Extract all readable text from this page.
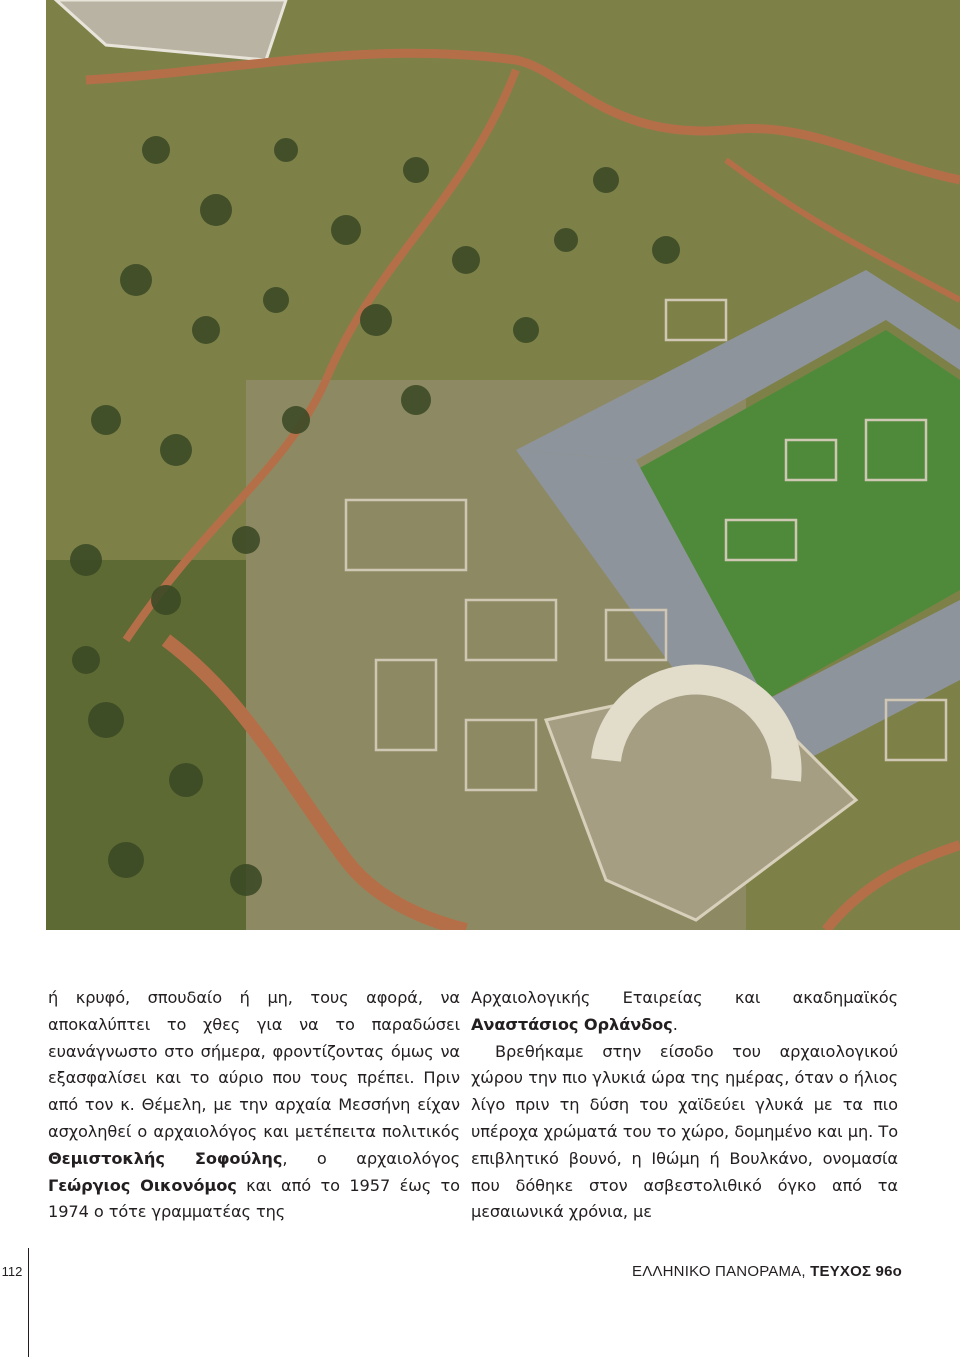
ή κρυφό, σπουδαίο ή μη, τους αφορά, να αποκαλύπτει το χθες για να το παραδώσει ευανάγνωστο στο σήμερα, φροντίζοντας όμως να εξασφαλίσει και το αύριο που τους πρέπει. Πριν από τον κ. Θέμελη, με την αρχαία Μεσσήνη είχαν ασχοληθεί ο αρχαιολόγος και μετέπειτα πολιτικός Θεμιστοκλής Σοφούλης, ο αρχαιολόγος Γεώργιος Οικονόμος και από το 1957 έως το 1974 ο τότε γραμματέας της

Αρχαιολογικής Εταιρείας και ακαδημαϊκός Αναστάσιος Ορλάνδος.

Βρεθήκαμε στην είσοδο του αρχαιολογικού χώρου την πιο γλυκιά ώρα της ημέρας, όταν ο ήλιος λίγο πριν τη δύση του χαϊδεύει γλυκά με τα πιο υπέροχα χρώματά του το χώρο, δομημένο και μη. Το επιβλητικό βουνό, η Ιθώμη ή Βουλκάνο, ονομασία που δόθηκε στον ασβεστολιθικό όγκο από τα μεσαιωνικά χρόνια, με

112	ΕΛΛΗΝΙΚΟ ΠΑΝΟΡΑΜΑ, ΤΕΥΧΟΣ 96ο
